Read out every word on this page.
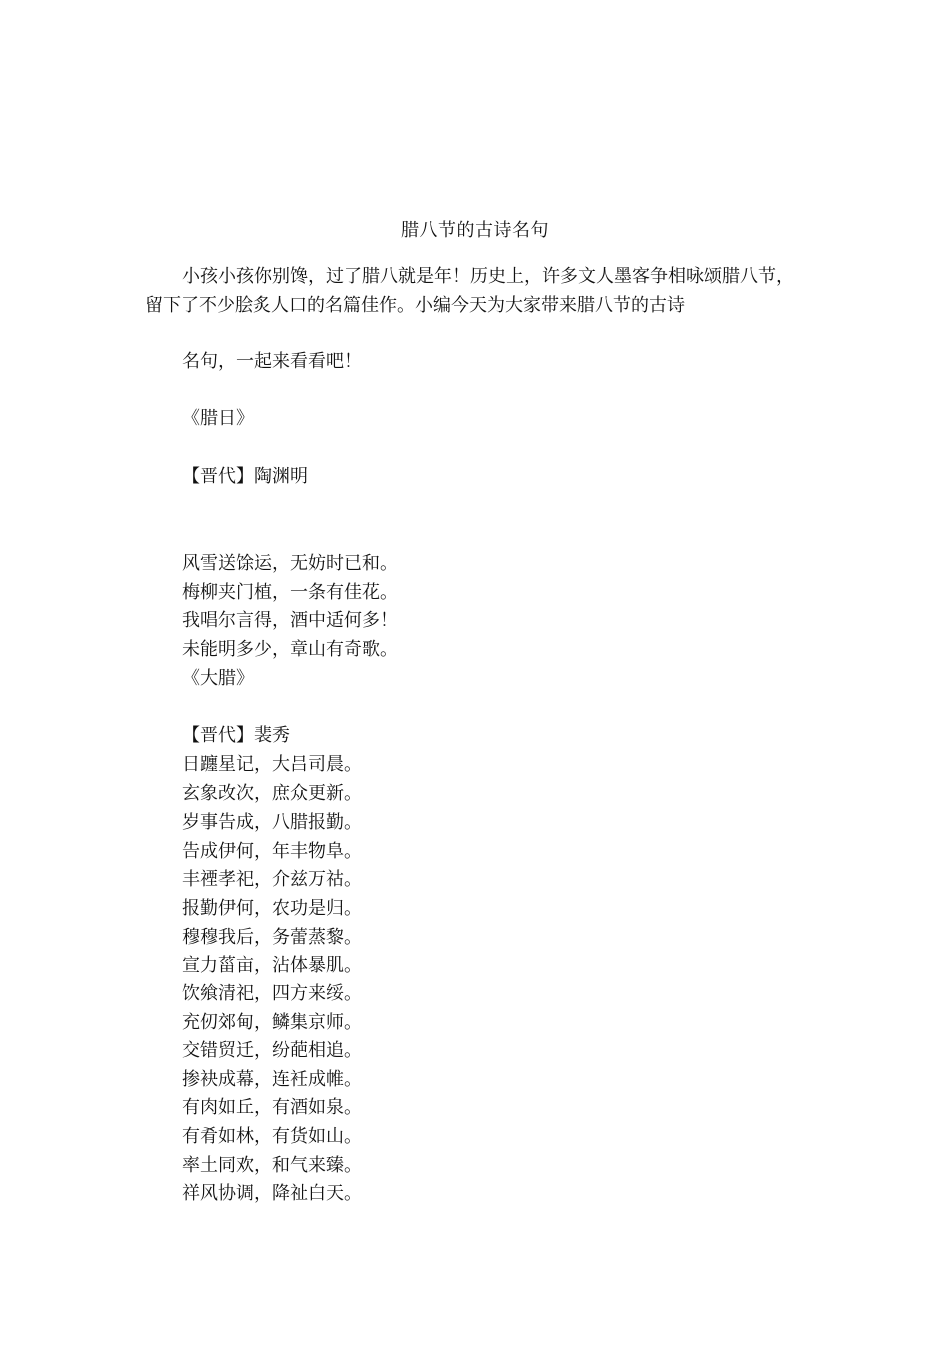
腊八节的古诗名句
小孩小孩你别馋，过了腊八就是年！历史上，许多文人墨客争相咏颂腊八节，
留下了不少脍炙人口的名篇佳作。小编今天为大家带来腊八节的古诗
名句，一起来看看吧！
《腊日》
【晋代】陶渊明
风雪送馀运，无妨时已和。
梅柳夹门植，一条有佳花。
我唱尔言得，酒中适何多！
未能明多少，章山有奇歌。
《大腊》
【晋代】裴秀
日躔星记，大吕司晨。
玄象改次，庶众更新。
岁事告成，八腊报勤。
告成伊何，年丰物阜。
丰禋孝祀，介兹万祜。
报勤伊何，农功是归。
穆穆我后，务蕾蒸黎。
宣力菑亩，沾体暴肌。
饮飨清祀，四方来绥。
充仞郊甸，鳞集京师。
交错贸迁，纷葩相追。
掺袂成幕，连衽成帷。
有肉如丘，有酒如泉。
有肴如林，有货如山。
率土同欢，和气来臻。
祥风协调，降祉白天。
